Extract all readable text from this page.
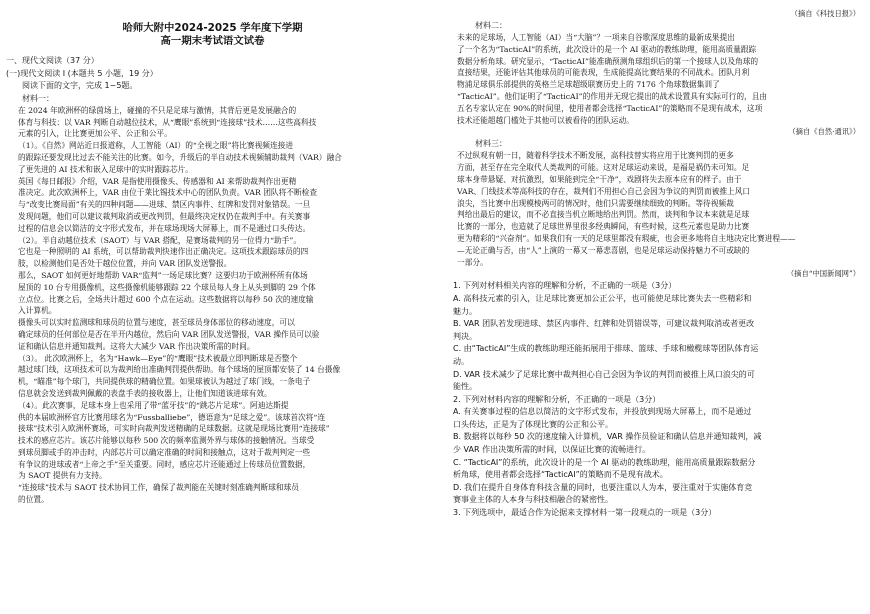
哈师大附中2024-2025 学年度下学期

高一期末考试语文试卷

一、现代文阅读（37 分）

(一)现代文阅读 I (本题共 5 小题，19 分）

阅读下面的文字，完成 1~5题。

材料一：

在 2024 年欧洲杯的绿茵场上，碰撞的不只是足球与激情，其背后更是发展融合的

体育与科技：以 VAR 判断自动越位技术，从“鹰眼”系统到“连接球”技术……这些高科技

元素的引入，让比赛更加公平、公正和公平。

（1）。《自然》网站近日报道称，人工智能（AI）的“全视之眼”将比赛视频连接进

的跟踪还要发现比过去不能关注的比赛。如今，升级后的半自动技术视频辅助裁判（VAR）融合

了更先进的 AI 技术和嵌入足球中的实时跟踪芯片。

英国《每日邮报》介绍，VAR 是指使用摄像头、传感器和 AI 来帮助裁判作出更精

准决定。此次欧洲杯上，VAR 由位于莱比锡技术中心的团队负责。VAR 团队将不断检查

与“改变比赛局面”有关的四种问题——进球、禁区内事件、红牌和发罚对象错误。一旦

发现问题，他们可以建议裁判取消或更改判罚，但最终决定权仍在裁判手中。有关赛事

过程的信息会以简洁的文字形式发布，并在球场现场大屏幕上，而不是通过口头传达。

（2）。半自动越位技术（SAOT）与 VAR 搭配，是赛场裁判的另一位得力“助手”。

它也是一种照明的 AI 系统，可以帮助裁判快速作出正确决定。这项技术跟踪球员的四

肢，以检测他们是否处于越位位置，并向 VAR 团队发送警报。

那么，SAOT 如何更好地帮助 VAR“监判”一场足球比赛？这要归功于欧洲杯所有体场

屋顶的 10 台专用摄像机，这些摄像机能够跟踪 22 个球员每人身上从头到脚的 29 个体

立点位。比赛之后，全场共计超过 600 个点在运动。这些数据将以每秒 50 次的速度输

入计算机。

摄像头可以实时监测球和球员的位置与速度，甚至球员身体部位的移动速度，可以

确定球员的任何部位是否在半开内越位，然后向 VAR 团队发送警报，VAR 操作员可以验

证和确认信息并通知裁判。这将大大减少 VAR 作出决策所需的时间。

（3）。 此次欧洲杯上，名为“Hawk—Eye”的“鹰眼”技术被最立即判断球是否整个

越过球门线，这项技术可以为裁判给出准确判罚提供帮助。每个球场的屋顶都安装了 14 台摄像

机，“瞄准”每个球门，共同提供球的精确位置。如果球被认为越过了球门线，一条电子

信息就会发送到裁判佩戴的表盘手表的接收器上，让他们知道该进球有效。

（4）。此次赛事，足球本身上也采用了带“蓝牙技”的“跳芯片足球”。阿迪达斯提

供的本届欧洲杯官方比赛用球名为“Fussballiebe”，德语意为“足球之爱”。该球首次将“连

接球”技术引入欧洲杯赛场，可实时向裁判发送精确的足球数据。这就是现场比赛用“连接球”

技术的感应芯片。该芯片能够以每秒 500 次的频率监测外界与球体的接触情况。当球受

到球员脚或手的冲击时，内部芯片可以确定准确的时间和接触点，这对于裁判判定一些

有争议的进球或者“上帝之手”至关重要。同时，感应芯片还能通过上传球员位置数据，

为 SAOT 提供有力支持。

“连接球”技术与 SAOT 技术协同工作，确保了裁判能在关键时刻准确判断球和球员

的位置。

（摘自《科技日报》）

材料二：

未来的足球场，人工智能（AI）当“大脑”？一项来自谷歌深度思维的最新成果提出

了一个名为“TacticAI”的系统，此次设计的是一个 AI 驱动的教练助理，能用高质量跟踪

数据分析角球。研究显示，“TacticAI”能准确预测角球组织后的第一个接球人以及角球的

直接结果，还能评估其他球员的可能表现，生成能提高比赛结果的不同战术。团队月利

物浦足球俱乐部提供的英格兰足球超级联赛历史上的 7176 个角球数据集训了

“TacticAI”。他们证明了“TacticAI”的作用并无现它提出的战术设置具有实际可行的，且由

五名专家认定在 90%的时间里，使用者都会选择“TacticAI”的策略而不是现有战术，这项

技术还能超越门槛处于其他可以被看待的团队运动。

（摘自《自然·通讯》）

材料三：

不过纵观有朝一日，随着科学技术不断发展，高科技替实将应用于比赛判罚的更多

方面，甚至存在完全取代人类裁判的可能。这对足球运动来说，是福是祸仍未可知。足

球本身带悬疑、对抗激烈，如果能到完全“干净”，戏剧将失去原本应有的样子。由于

VAR、门线技术等高科技的存在，裁判们不用担心自己会因为争议的判罚而被推上风口

浪尖，当比赛中出现模棱两可的情况时，他们只需要继续细致的判断。等待视频裁

判给出最后的建议，而不必直接当机立断地给出判罚。然而，谈判和争议本来就是足球

比赛的一部分，也造就了足球世界里很多经典瞬间，有些时候，这些元素也是助力比赛

更为精彩的“兴奋剂”。如果我们有一天的足球里都没有瑕疵，也会更多地将自主地决定比赛进程——

—无论正确与否，由“人”上演的一幕又一幕悲喜剧，也是足球运动保持魅力不可或缺的

一部分。

（摘自“中国新闻网”）

1. 下列对材料相关内容的理解和分析，不正确的一项是（3分）

A. 高科技元素的引入，让足球比赛更加公正公平，也可能使足球比赛失去一些精彩和

魅力。

B. VAR 团队若发现进球、禁区内事件、红牌和处罚错误等，可建议裁判取消或者更改

判决。

C. 由“TacticAI”生成的教练助理还能拓展用于排球、篮球、手球和橄榄球等团队体育运

动。

D. VAR 技术减少了足球比赛中裁判担心自己会因为争议的判罚而被推上风口浪尖的可

能性。

2. 下列对材料内容的理解和分析，不正确的一项是（3分）

A. 有关赛事过程的信息以简洁的文字形式发布，并投放到现场大屏幕上，而不是通过

口头传达，正是为了体现比赛的公正和公平。

B. 数据将以每秒 50 次的速度输入计算机，VAR 操作员验证和确认信息并通知裁判，减

少 VAR 作出决策所需的时间，以保证比赛的流畅进行。

C. “TacticAI”的系统，此次设计的是一个 AI 驱动的教练助理，能用高质量跟踪数据分

析角球，使用者都会选择“TacticAI”的策略而不是现有战术。

D. 我们在提升自身体育科技含量的同时，也要注重以人为本，要注重对于实施体育竞

赛事业主体的人本身与科技相融合的紧密性。

3. 下列选项中，最适合作为论据来支撑材料一第一段观点的一项是（3分）
